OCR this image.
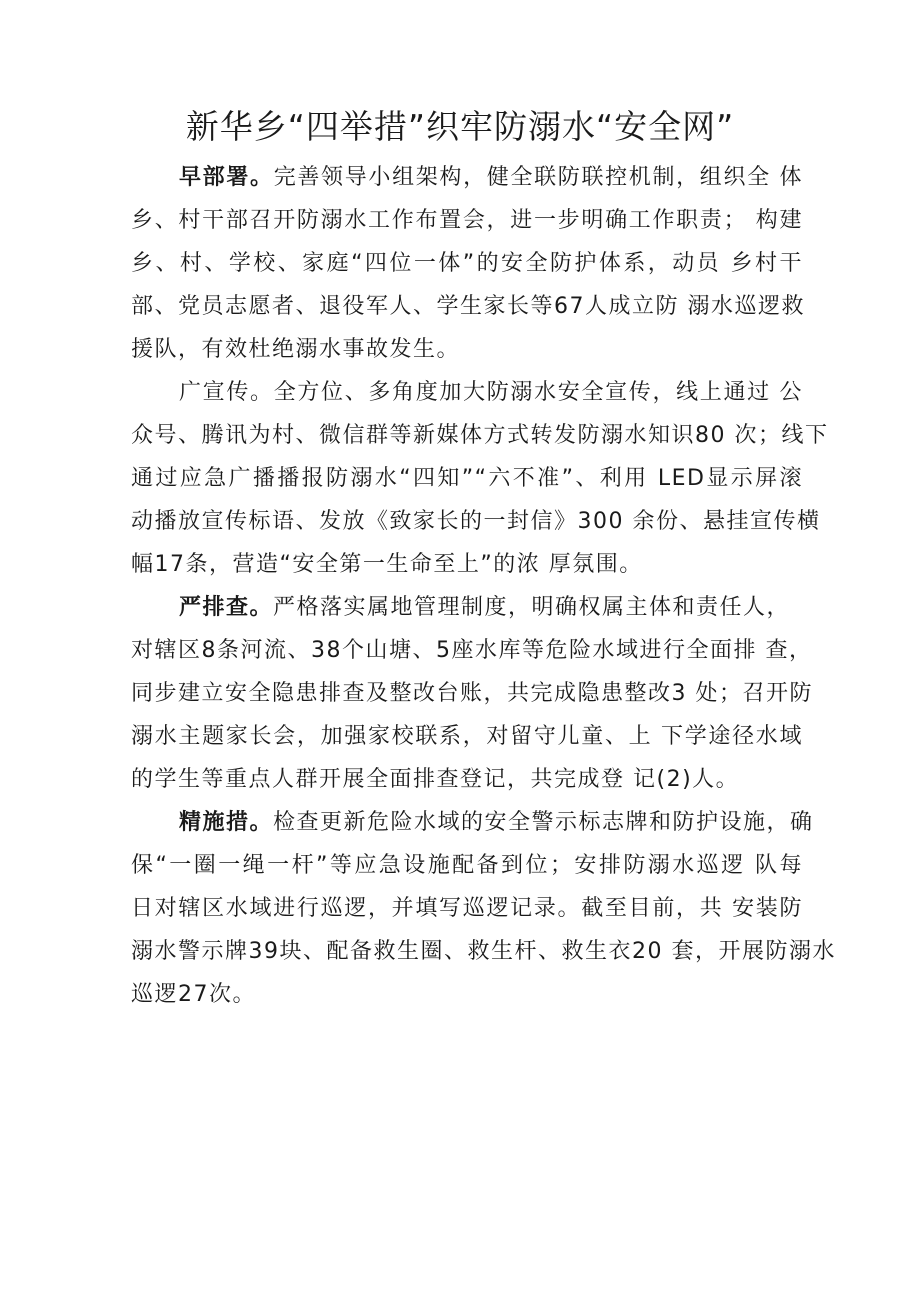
新华乡“四举措”织牢防溺水“安全网”
早部署。完善领导小组架构，健全联防联控机制，组织全 体
乡、村干部召开防溺水工作布置会，进一步明确工作职责； 构建
乡、村、学校、家庭“四位一体”的安全防护体系，动员 乡村干
部、党员志愿者、退役军人、学生家长等67人成立防 溺水巡逻救
援队，有效杜绝溺水事故发生。
广宣传。全方位、多角度加大防溺水安全宣传，线上通过 公
众号、腾讯为村、微信群等新媒体方式转发防溺水知识80 次；线下
通过应急广播播报防溺水“四知”“六不准”、利用 LED显示屏滚
动播放宣传标语、发放《致家长的一封信》300 余份、悬挂宣传横
幅17条，营造“安全第一生命至上”的浓 厚氛围。
严排查。严格落实属地管理制度，明确权属主体和责任人，
对辖区8条河流、38个山塘、5座水库等危险水域进行全面排 查，
同步建立安全隐患排查及整改台账，共完成隐患整改3 处；召开防
溺水主题家长会，加强家校联系，对留守儿童、上 下学途径水域
的学生等重点人群开展全面排查登记，共完成登 记(2)人。
精施措。检查更新危险水域的安全警示标志牌和防护设施，确
保“一圈一绳一杆”等应急设施配备到位；安排防溺水巡逻 队每
日对辖区水域进行巡逻，并填写巡逻记录。截至目前，共 安装防
溺水警示牌39块、配备救生圈、救生杆、救生衣20 套，开展防溺水
巡逻27次。
